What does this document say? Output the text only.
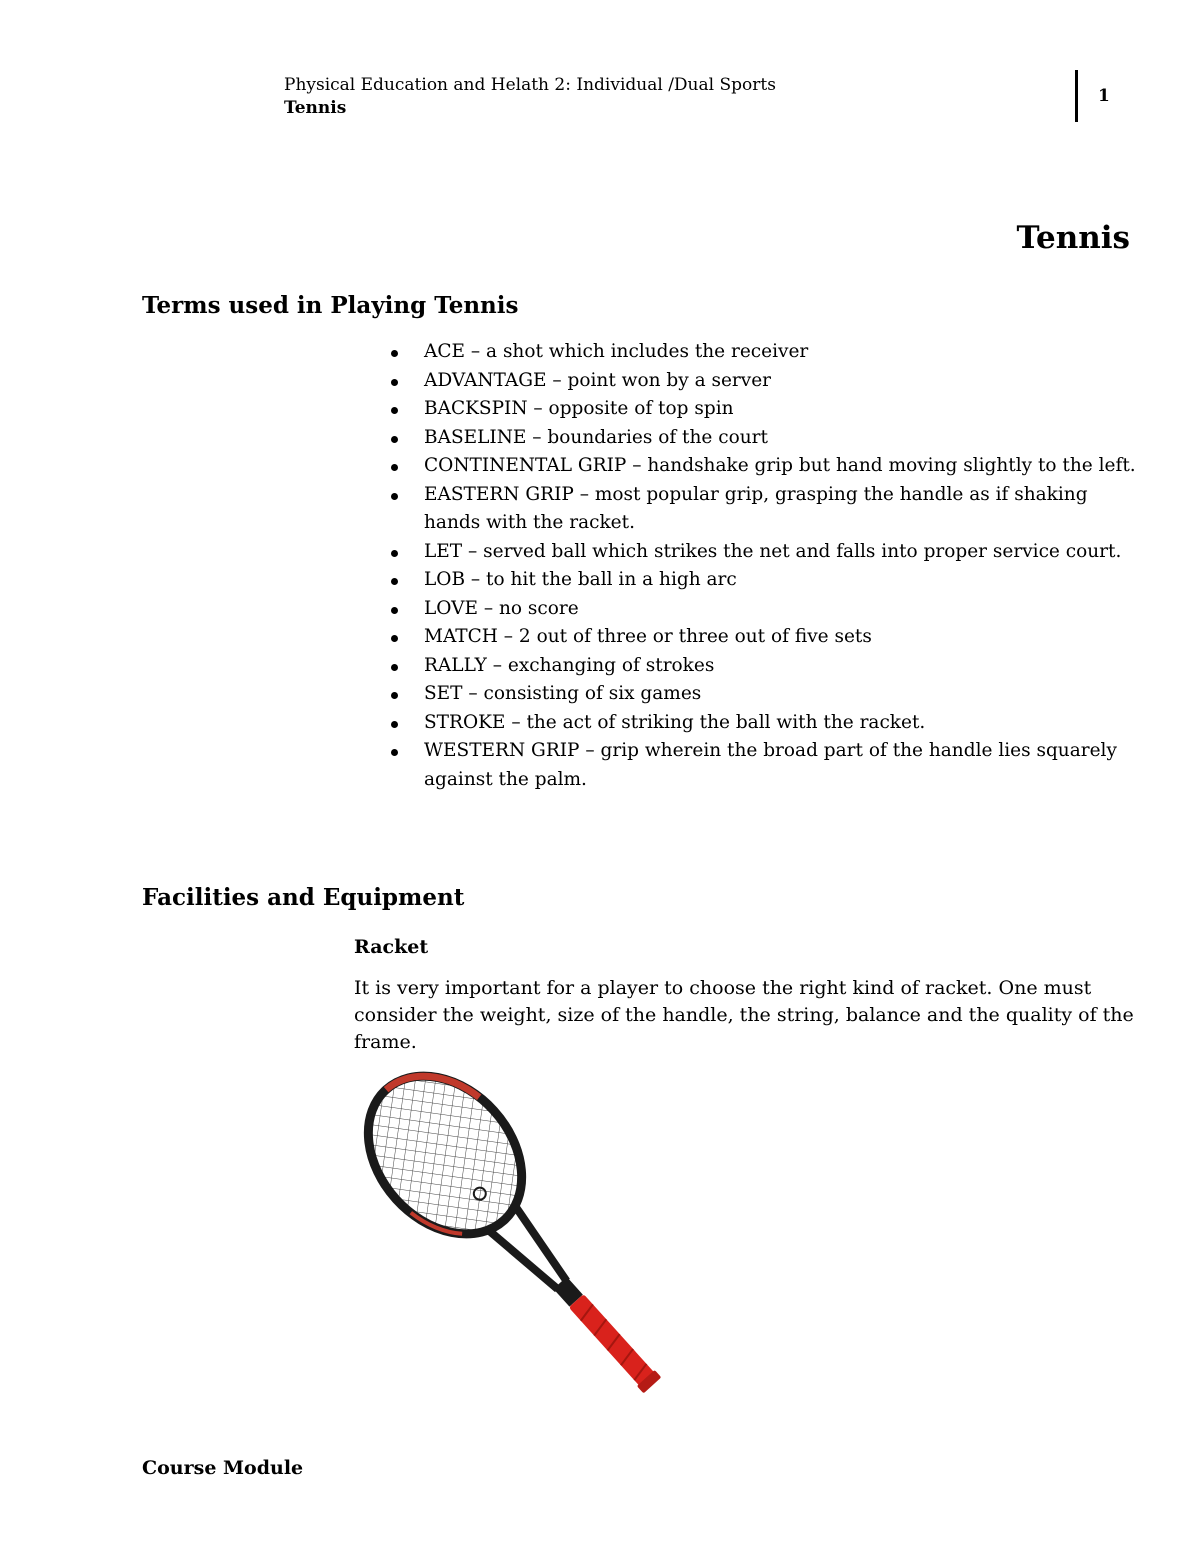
Physical Education and Helath 2: Individual /Dual Sports
Tennis
1
Tennis
Terms used in Playing Tennis
ACE – a shot which includes the receiver
ADVANTAGE – point won by a server
BACKSPIN – opposite of top spin
BASELINE – boundaries of the court
CONTINENTAL GRIP – handshake grip but hand moving slightly to the left.
EASTERN GRIP – most popular grip, grasping the handle as if shaking hands with the racket.
LET – served ball which strikes the net and falls into proper service court.
LOB – to hit the ball in a high arc
LOVE – no score
MATCH – 2 out of three or three out of five sets
RALLY – exchanging of strokes
SET – consisting of six games
STROKE – the act of striking the ball with the racket.
WESTERN GRIP – grip wherein the broad part of the handle lies squarely against the palm.
Facilities and Equipment
Racket

It is very important for a player to choose the right kind of racket. One must consider the weight, size of the handle, the string, balance and the quality of the frame.

Course Module
